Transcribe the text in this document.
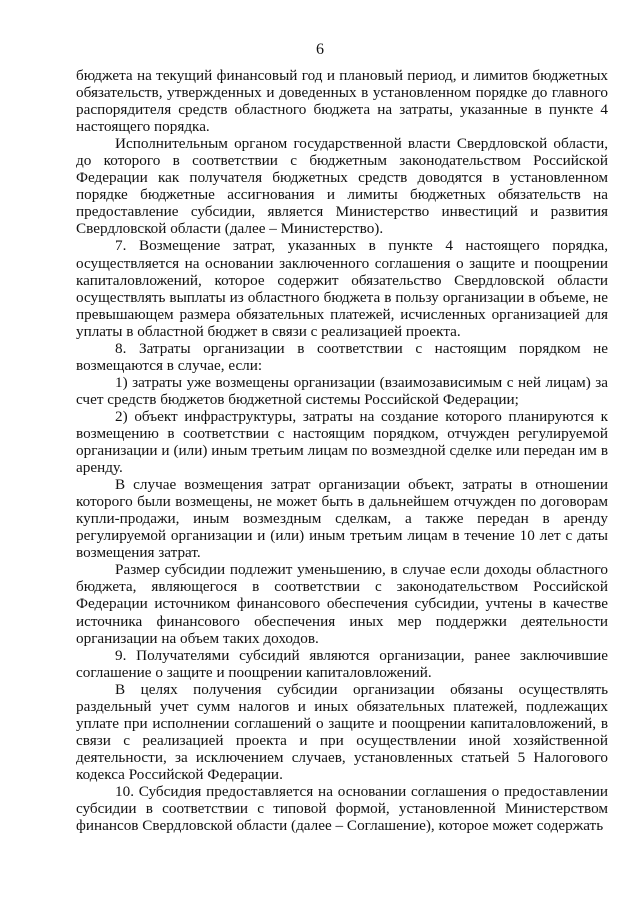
6

бюджета на текущий финансовый год и плановый период, и лимитов бюджетных обязательств, утвержденных и доведенных в установленном порядке до главного распорядителя средств областного бюджета на затраты, указанные в пункте 4 настоящего порядка.

Исполнительным органом государственной власти Свердловской области, до которого в соответствии с бюджетным законодательством Российской Федерации как получателя бюджетных средств доводятся в установленном порядке бюджетные ассигнования и лимиты бюджетных обязательств на предоставление субсидии, является Министерство инвестиций и развития Свердловской области (далее – Министерство).

7. Возмещение затрат, указанных в пункте 4 настоящего порядка, осуществляется на основании заключенного соглашения о защите и поощрении капиталовложений, которое содержит обязательство Свердловской области осуществлять выплаты из областного бюджета в пользу организации в объеме, не превышающем размера обязательных платежей, исчисленных организацией для уплаты в областной бюджет в связи с реализацией проекта.

8. Затраты организации в соответствии с настоящим порядком не возмещаются в случае, если:

1) затраты уже возмещены организации (взаимозависимым с ней лицам) за счет средств бюджетов бюджетной системы Российской Федерации;

2) объект инфраструктуры, затраты на создание которого планируются к возмещению в соответствии с настоящим порядком, отчужден регулируемой организации и (или) иным третьим лицам по возмездной сделке или передан им в аренду.

В случае возмещения затрат организации объект, затраты в отношении которого были возмещены, не может быть в дальнейшем отчужден по договорам купли-продажи, иным возмездным сделкам, а также передан в аренду регулируемой организации и (или) иным третьим лицам в течение 10 лет с даты возмещения затрат.

Размер субсидии подлежит уменьшению, в случае если доходы областного бюджета, являющегося в соответствии с законодательством Российской Федерации источником финансового обеспечения субсидии, учтены в качестве источника финансового обеспечения иных мер поддержки деятельности организации на объем таких доходов.

9. Получателями субсидий являются организации, ранее заключившие соглашение о защите и поощрении капиталовложений.

В целях получения субсидии организации обязаны осуществлять раздельный учет сумм налогов и иных обязательных платежей, подлежащих уплате при исполнении соглашений о защите и поощрении капиталовложений, в связи с реализацией проекта и при осуществлении иной хозяйственной деятельности, за исключением случаев, установленных статьей 5 Налогового кодекса Российской Федерации.

10. Субсидия предоставляется на основании соглашения о предоставлении субсидии в соответствии с типовой формой, установленной Министерством финансов Свердловской области (далее – Соглашение), которое может содержать
